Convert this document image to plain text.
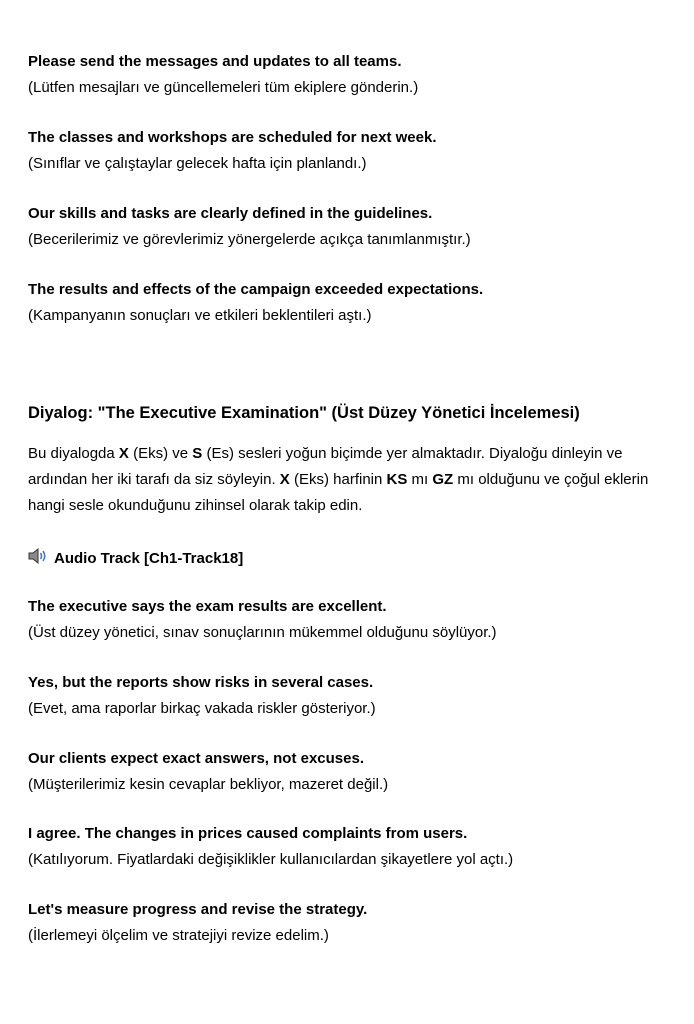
Please send the messages and updates to all teams.
(Lütfen mesajları ve güncellemeleri tüm ekiplere gönderin.)
The classes and workshops are scheduled for next week.
(Sınıflar ve çalıştaylar gelecek hafta için planlandı.)
Our skills and tasks are clearly defined in the guidelines.
(Becerilerimiz ve görevlerimiz yönergelerde açıkça tanımlanmıştır.)
The results and effects of the campaign exceeded expectations.
(Kampanyanın sonuçları ve etkileri beklentileri aştı.)
Diyalog: "The Executive Examination" (Üst Düzey Yönetici İncelemesi)
Bu diyalogda X (Eks) ve S (Es) sesleri yoğun biçimde yer almaktadır. Diyaloğu dinleyin ve ardından her iki tarafı da siz söyleyin. X (Eks) harfinin KS mı GZ mı olduğunu ve çoğul eklerin hangi sesle okunduğunu zihinsel olarak takip edin.
Audio Track [Ch1-Track18]
The executive says the exam results are excellent.
(Üst düzey yönetici, sınav sonuçlarının mükemmel olduğunu söylüyor.)
Yes, but the reports show risks in several cases.
(Evet, ama raporlar birkaç vakada riskler gösteriyor.)
Our clients expect exact answers, not excuses.
(Müşterilerimiz kesin cevaplar bekliyor, mazeret değil.)
I agree. The changes in prices caused complaints from users.
(Katılıyorum. Fiyatlardaki değişiklikler kullanıcılardan şikayetlere yol açtı.)
Let's measure progress and revise the strategy.
(İlerlemeyi ölçelim ve stratejiyi revize edelim.)
